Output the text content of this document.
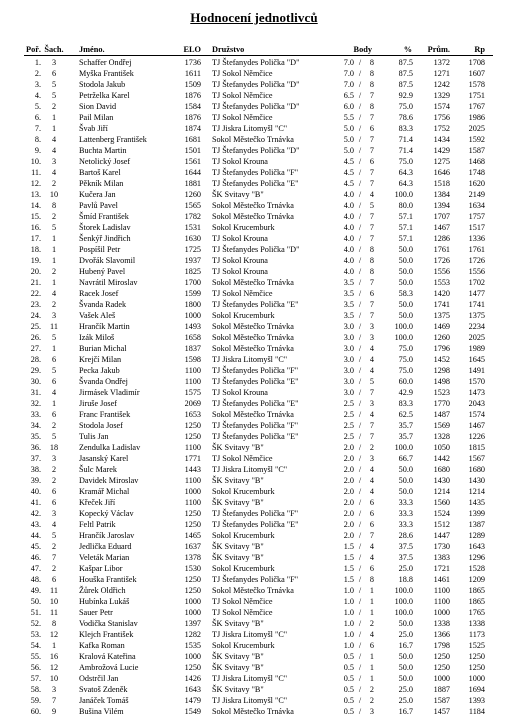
Hodnocení jednotlivců
Poř. Šach. Jméno.	ELO Družstvo	Body	%	Prům.	Rp
1.	3	Schaffer Ondřej	1736 TJ Štefanydes Polička "D"	7.0 /	8	87.5	1372	1708
2.	6	Myška František	1611 TJ Sokol Němčice	7.0 /	8	87.5	1271	1607
3.	5	Stodola Jakub	1509 TJ Štefanydes Polička "D"	7.0 /	8	87.5	1242	1578
4.	5	Petrželka Karel	1876 TJ Sokol Němčice	6.5 /	7	92.9	1329	1751
5.	2	Sion David	1584 TJ Štefanydes Polička "D"	6.0 /	8	75.0	1574	1767
6.	1	Pail Milan	1876 TJ Sokol Němčice	5.5 /	7	78.6	1756	1986
7.	1	Švab Jiří	1874 TJ Jiskra Litomyšl "C"	5.0 /	6	83.3	1752	2025
8.	4	Lattenberg František	1681 Sokol Městečko Trnávka	5.0 /	7	71.4	1434	1592
9.	4	Buchta Martin	1501 TJ Štefanydes Polička "D"	5.0 /	7	71.4	1429	1587
10.	3	Netolický Josef	1561 TJ Sokol Krouna	4.5 /	6	75.0	1275	1468
11.	4	Bartoš Karel	1644 TJ Štefanydes Polička "F"	4.5 /	7	64.3	1646	1748
12.	2	Pěkník Milan	1881 TJ Štefanydes Polička "E"	4.5 /	7	64.3	1518	1620
13.	10	Kučera Jan	1260 ŠK Svitavy "B"	4.0 /	4	100.0	1384	2149
14.	8	Pavlů Pavel	1565 Sokol Městečko Trnávka	4.0 /	5	80.0	1394	1634
15.	2	Šmíd František	1782 Sokol Městečko Trnávka	4.0 /	7	57.1	1707	1757
16.	5	Štorek Ladislav	1531 Sokol Krucemburk	4.0 /	7	57.1	1467	1517
17.	1	Šenkýř Jindřich	1630 TJ Sokol Krouna	4.0 /	7	57.1	1286	1336
18.	1	Pospíšil Petr	1725 TJ Štefanydes Polička "D"	4.0 /	8	50.0	1761	1761
19.	1	Dvořák Slavomil	1937 TJ Sokol Krouna	4.0 /	8	50.0	1726	1726
20.	2	Hubený Pavel	1825 TJ Sokol Krouna	4.0 /	8	50.0	1556	1556
21.	1	Navrátil Miroslav	1700 Sokol Městečko Trnávka	3.5 /	7	50.0	1553	1702
22.	4	Racek Josef	1599 TJ Sokol Němčice	3.5 /	6	58.3	1420	1477
23.	2	Švanda Radek	1800 TJ Štefanydes Polička "E"	3.5 /	7	50.0	1741	1741
24.	3	Vašek Aleš	1000 Sokol Krucemburk	3.5 /	7	50.0	1375	1375
25.	11	Hrančík Martin	1493 Sokol Městečko Trnávka	3.0 /	3	100.0	1469	2234
26.	5	Izák Miloš	1658 Sokol Městečko Trnávka	3.0 /	3	100.0	1260	2025
27.	1	Burian Michal	1837 Sokol Městečko Trnávka	3.0 /	4	75.0	1796	1989
28.	6	Krejčí Milan	1598 TJ Jiskra Litomyšl "C"	3.0 /	4	75.0	1452	1645
29.	5	Pecka Jakub	1100 TJ Štefanydes Polička "F"	3.0 /	4	75.0	1298	1491
30.	6	Švanda Ondřej	1100 TJ Štefanydes Polička "E"	3.0 /	5	60.0	1498	1570
31.	4	Jirmásek Vladimír	1575 TJ Sokol Krouna	3.0 /	7	42.9	1523	1473
32.	1	Jiruše Josef	2069 TJ Štefanydes Polička "E"	2.5 /	3	83.3	1770	2043
33.	6	Franc František	1653 Sokol Městečko Trnávka	2.5 /	4	62.5	1487	1574
34.	2	Stodola Josef	1250 TJ Štefanydes Polička "F"	2.5 /	7	35.7	1569	1467
35.	5	Tulis Jan	1250 TJ Štefanydes Polička "E"	2.5 /	7	35.7	1328	1226
36.	18	Zendulka Ladislav	1100 ŠK Svitavy "B"	2.0 /	2	100.0	1050	1815
37.	3	Jasanský Karel	1771 TJ Sokol Němčice	2.0 /	3	66.7	1442	1567
38.	2	Šulc Marek	1443 TJ Jiskra Litomyšl "C"	2.0 /	4	50.0	1680	1680
39.	2	Davidek Miroslav	1100 ŠK Svitavy "B"	2.0 /	4	50.0	1430	1430
40.	6	Kramář Michal	1000 Sokol Krucemburk	2.0 /	4	50.0	1214	1214
41.	6	Křeček Jiří	1100 ŠK Svitavy "B"	2.0 /	6	33.3	1560	1435
42.	3	Kopecký Václav	1250 TJ Štefanydes Polička "F"	2.0 /	6	33.3	1524	1399
43.	4	Feltl Patrik	1250 TJ Štefanydes Polička "E"	2.0 /	6	33.3	1512	1387
44.	5	Hrančík Jaroslav	1465 Sokol Krucemburk	2.0 /	7	28.6	1447	1289
45.	2	Jedlička Eduard	1637 ŠK Svitavy "B"	1.5 /	4	37.5	1730	1643
46.	7	Veleták Marian	1378 ŠK Svitavy "B"	1.5 /	4	37.5	1383	1296
47.	2	Kašpar Libor	1530 Sokol Krucemburk	1.5 /	6	25.0	1721	1528
48.	6	Houška František	1250 TJ Štefanydes Polička "F"	1.5 /	8	18.8	1461	1209
49.	11	Žůrek Oldřich	1250 Sokol Městečko Trnávka	1.0 /	1	100.0	1100	1865
50.	10	Hubínka Lukáš	1000 TJ Sokol Němčice	1.0 /	1	100.0	1100	1865
51.	11	Sauer Petr	1000 TJ Sokol Němčice	1.0 /	1	100.0	1000	1765
52.	8	Vodička Stanislav	1397 ŠK Svitavy "B"	1.0 /	2	50.0	1338	1338
53.	12	Klejch František	1282 TJ Jiskra Litomyšl "C"	1.0 /	4	25.0	1366	1173
54.	1	Kafka Roman	1535 Sokol Krucemburk	1.0 /	6	16.7	1798	1525
55.	16	Kralová Kateřina	1000 ŠK Svitavy "B"	0.5 /	1	50.0	1250	1250
56.	12	Ambrožová Lucie	1250 ŠK Svitavy "B"	0.5 /	1	50.0	1250	1250
57.	10	Odstrčil Jan	1426 TJ Jiskra Litomyšl "C"	0.5 /	1	50.0	1000	1000
58.	3	Svatoš Zdeněk	1643 ŠK Svitavy "B"	0.5 /	2	25.0	1887	1694
59.	7	Janáček Tomáš	1479 TJ Jiskra Litomyšl "C"	0.5 /	2	25.0	1587	1393
60.	9	Bušina Vilém	1549 Sokol Městečko Trnávka	0.5 /	3	16.7	1457	1184
